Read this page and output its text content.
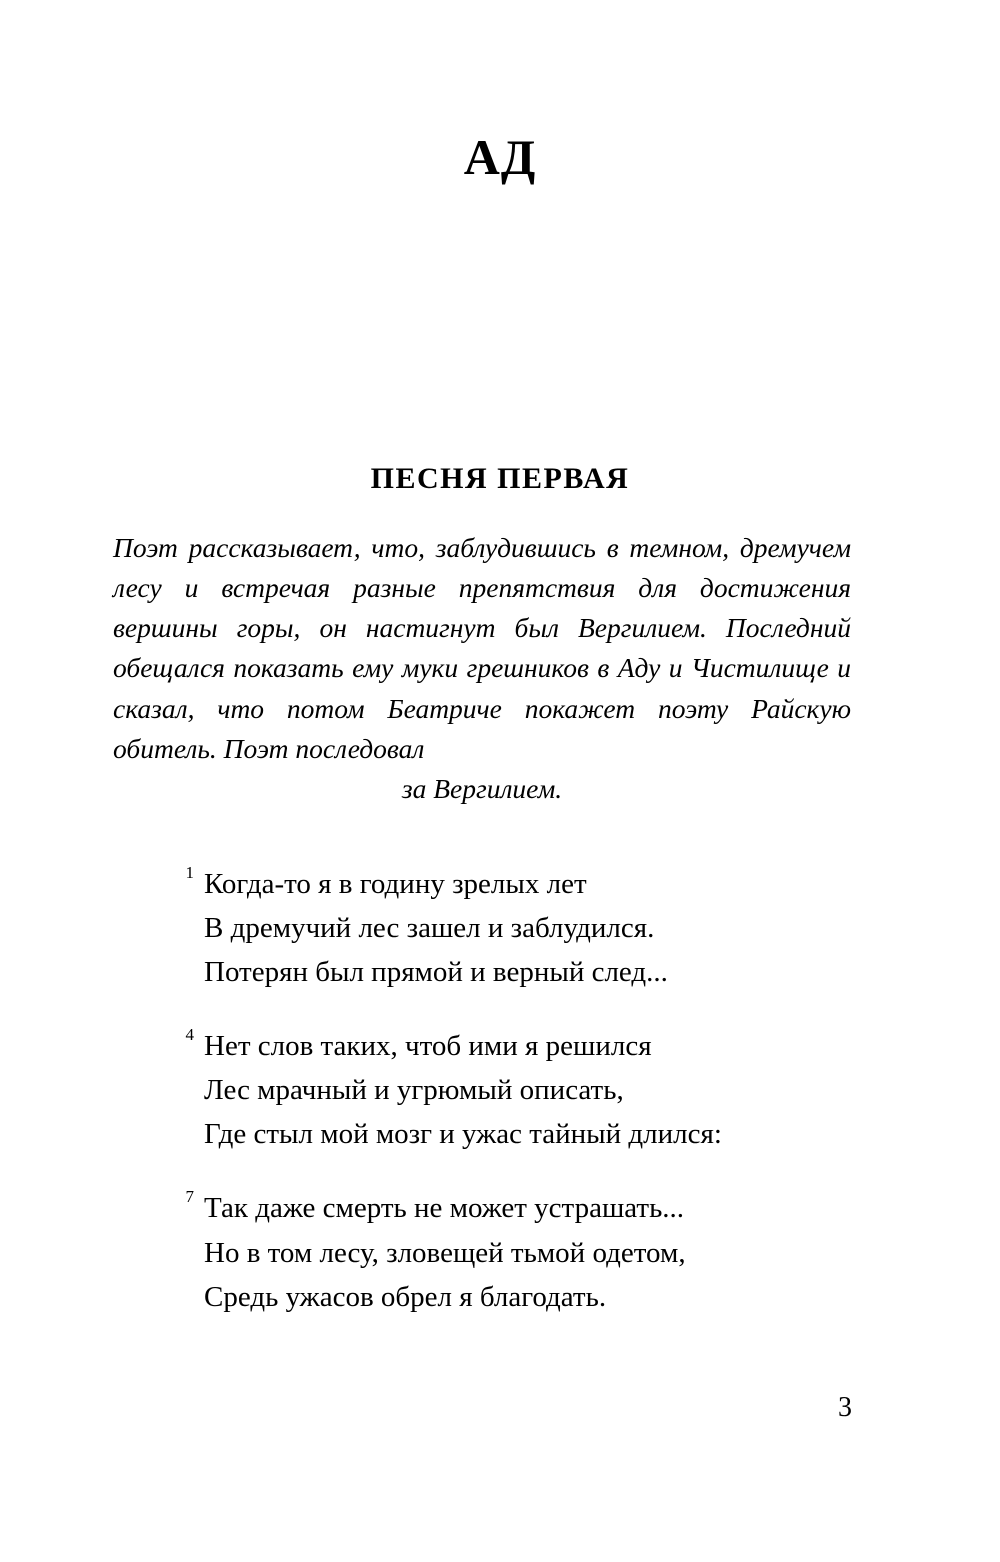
АД
ПЕСНЯ ПЕРВАЯ
Поэт рассказывает, что, заблудившись в темном, дремучем лесу и встречая разные препятствия для достижения вершины горы, он настигнут был Вергилием. Последний обещался показать ему муки грешников в Аду и Чистилище и сказал, что потом Беатриче покажет поэту Райскую обитель. Поэт последовал
за Вергилием.
1 Когда-то я в годину зрелых лет
В дремучий лес зашел и заблудился.
Потерян был прямой и верный след...
4 Нет слов таких, чтоб ими я решился
Лес мрачный и угрюмый описать,
Где стыл мой мозг и ужас тайный длился:
7 Так даже смерть не может устрашать...
Но в том лесу, зловещей тьмой одетом,
Средь ужасов обрел я благодать.
3
